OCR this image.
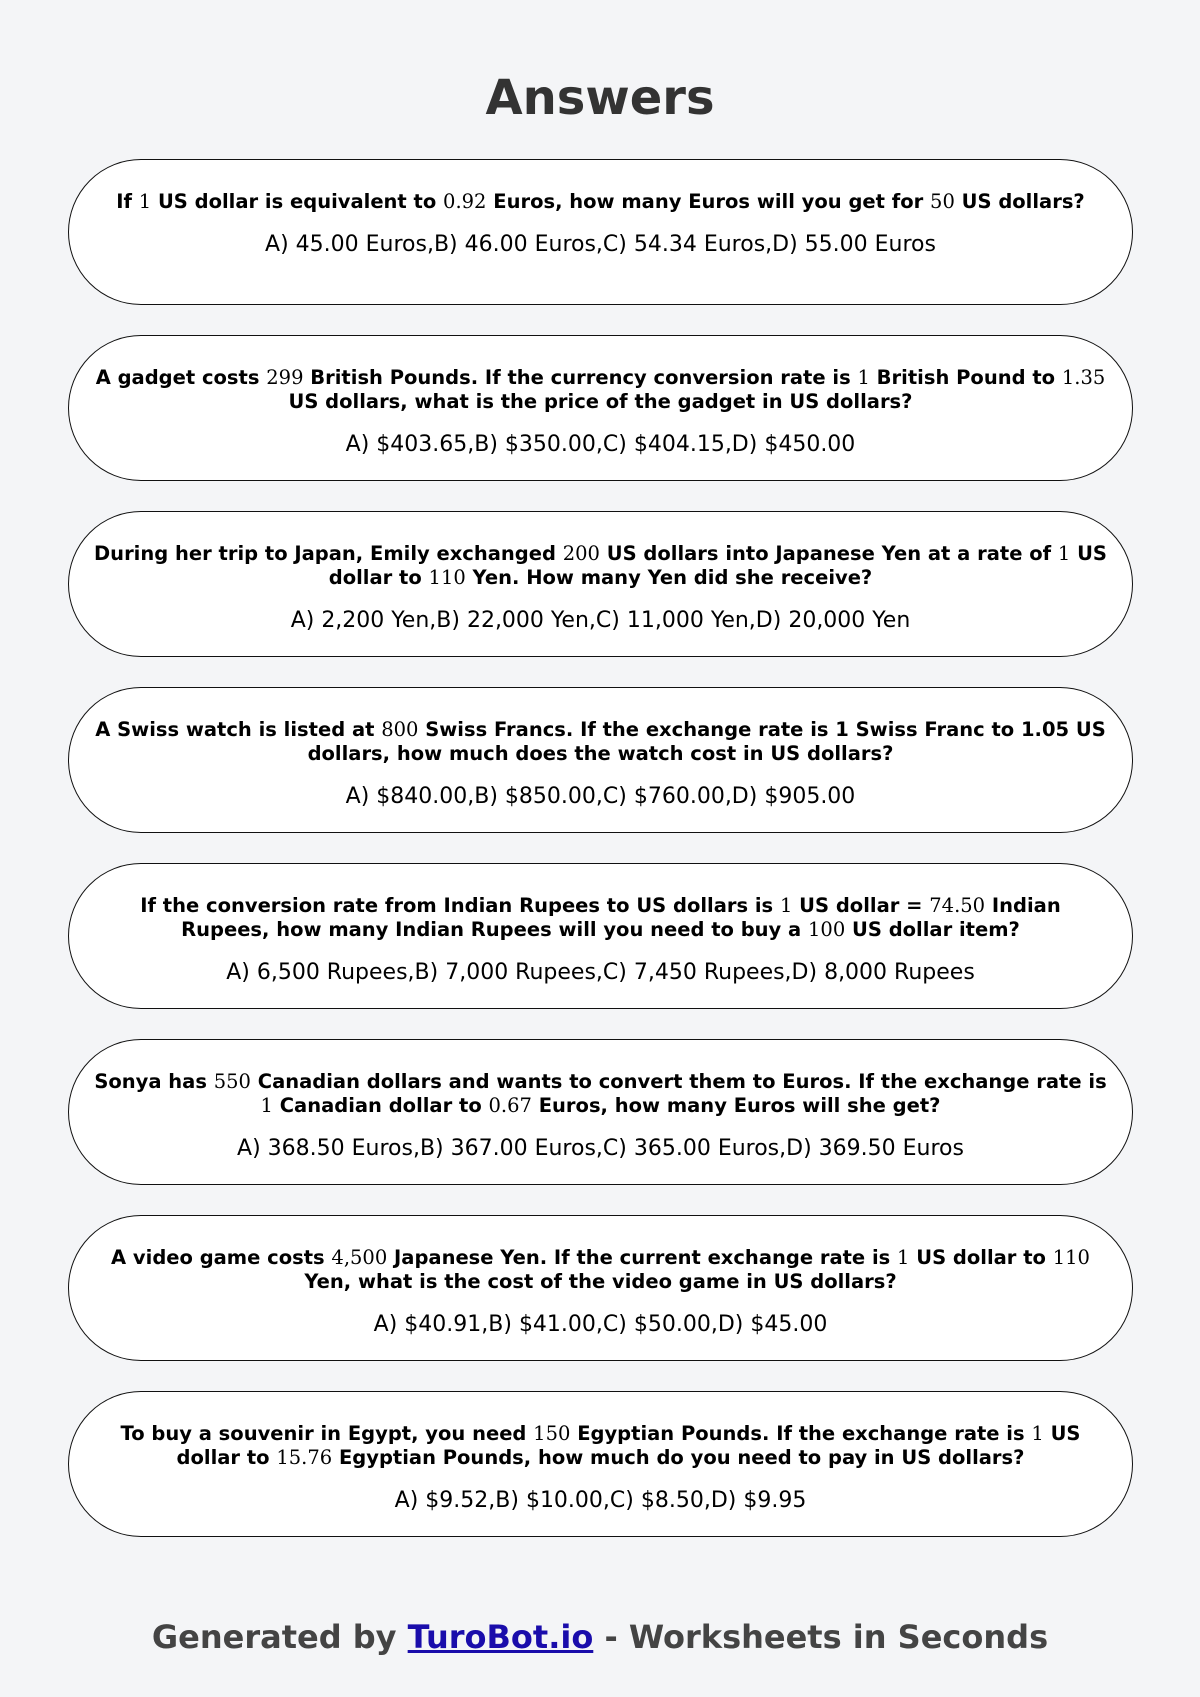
Answers

If 1 US dollar is equivalent to 0.92 Euros, how many Euros will you get for 50 US dollars?

A) 45.00 Euros,B) 46.00 Euros,C) 54.34 Euros,D) 55.00 Euros

A gadget costs 299 British Pounds. If the currency conversion rate is 1 British Pound to 1.35 US dollars, what is the price of the gadget in US dollars?

A) $403.65,B) $350.00,C) $404.15,D) $450.00

During her trip to Japan, Emily exchanged 200 US dollars into Japanese Yen at a rate of 1 US dollar to 110 Yen. How many Yen did she receive?

A) 2,200 Yen,B) 22,000 Yen,C) 11,000 Yen,D) 20,000 Yen

A Swiss watch is listed at 800 Swiss Francs. If the exchange rate is 1 Swiss Franc to 1.05 US dollars, how much does the watch cost in US dollars?

A) $840.00,B) $850.00,C) $760.00,D) $905.00

If the conversion rate from Indian Rupees to US dollars is 1 US dollar = 74.50 Indian Rupees, how many Indian Rupees will you need to buy a 100 US dollar item?

A) 6,500 Rupees,B) 7,000 Rupees,C) 7,450 Rupees,D) 8,000 Rupees

Sonya has 550 Canadian dollars and wants to convert them to Euros. If the exchange rate is 1 Canadian dollar to 0.67 Euros, how many Euros will she get?

A) 368.50 Euros,B) 367.00 Euros,C) 365.00 Euros,D) 369.50 Euros

A video game costs 4,500 Japanese Yen. If the current exchange rate is 1 US dollar to 110 Yen, what is the cost of the video game in US dollars?

A) $40.91,B) $41.00,C) $50.00,D) $45.00

To buy a souvenir in Egypt, you need 150 Egyptian Pounds. If the exchange rate is 1 US dollar to 15.76 Egyptian Pounds, how much do you need to pay in US dollars?

A) $9.52,B) $10.00,C) $8.50,D) $9.95
Generated by TuroBot.io - Worksheets in Seconds
